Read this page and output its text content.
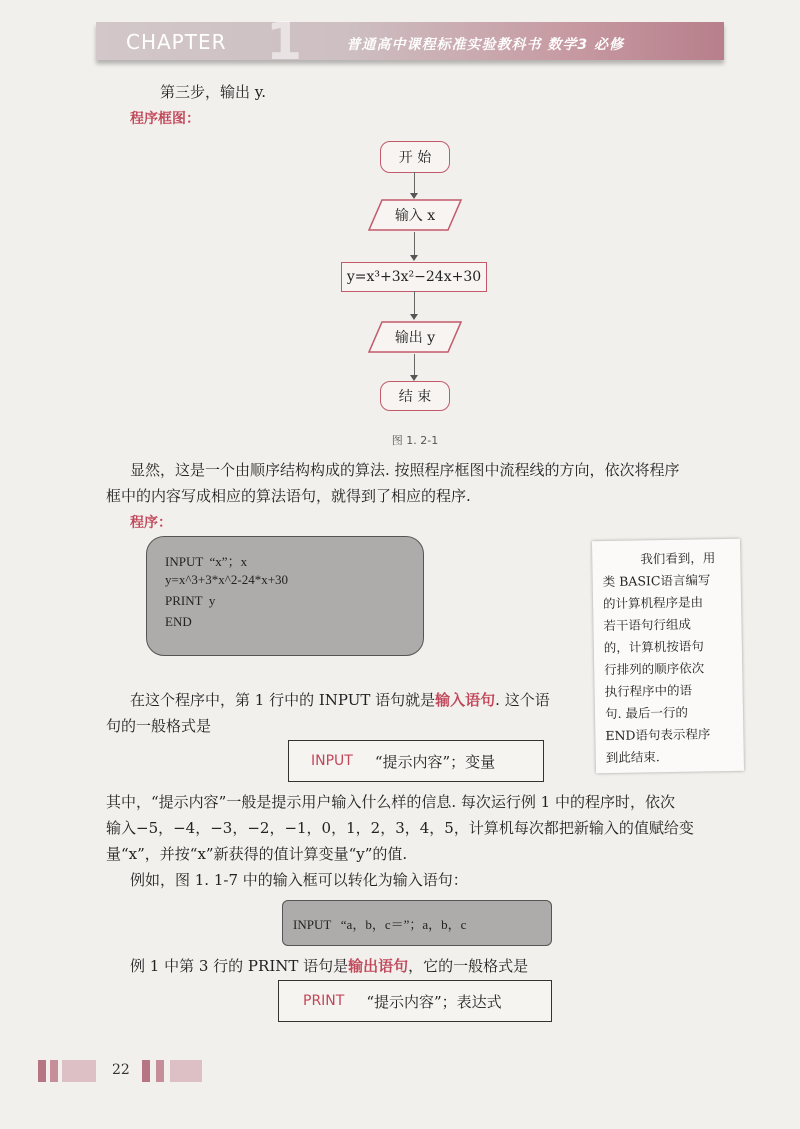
1
CHAPTER	普通高中课程标准实验教科书 数学3 必修
第三步，输出 y.
程序框图：
开 始
输入 x
y=x³+3x²−24x+30
输出 y
结 束
图 1. 2-1
显然，这是一个由顺序结构构成的算法. 按照程序框图中流程线的方向，依次将程序
框中的内容写成相应的算法语句，就得到了相应的程序.
程序：
INPUT  “x”；x
y=x^3+3*x^2-24*x+30
PRINT  y
END
我们看到，用
类 BASIC语言编写
的计算机程序是由
若干语句行组成
的，计算机按语句
行排列的顺序依次
执行程序中的语
句. 最后一行的
END语句表示程序
到此结束.
在这个程序中，第 1 行中的 INPUT 语句就是输入语句. 这个语
句的一般格式是
INPUT “提示内容”；变量
其中，“提示内容”一般是提示用户输入什么样的信息. 每次运行例 1 中的程序时，依次
输入−5，−4，−3，−2，−1，0，1，2，3，4，5，计算机每次都把新输入的值赋给变
量“x”，并按“x”新获得的值计算变量“y”的值.
例如，图 1. 1-7 中的输入框可以转化为输入语句：
INPUT   “a，b，c＝”；a，b，c
例 1 中第 3 行的 PRINT 语句是输出语句，它的一般格式是
PRINT “提示内容”；表达式
22
